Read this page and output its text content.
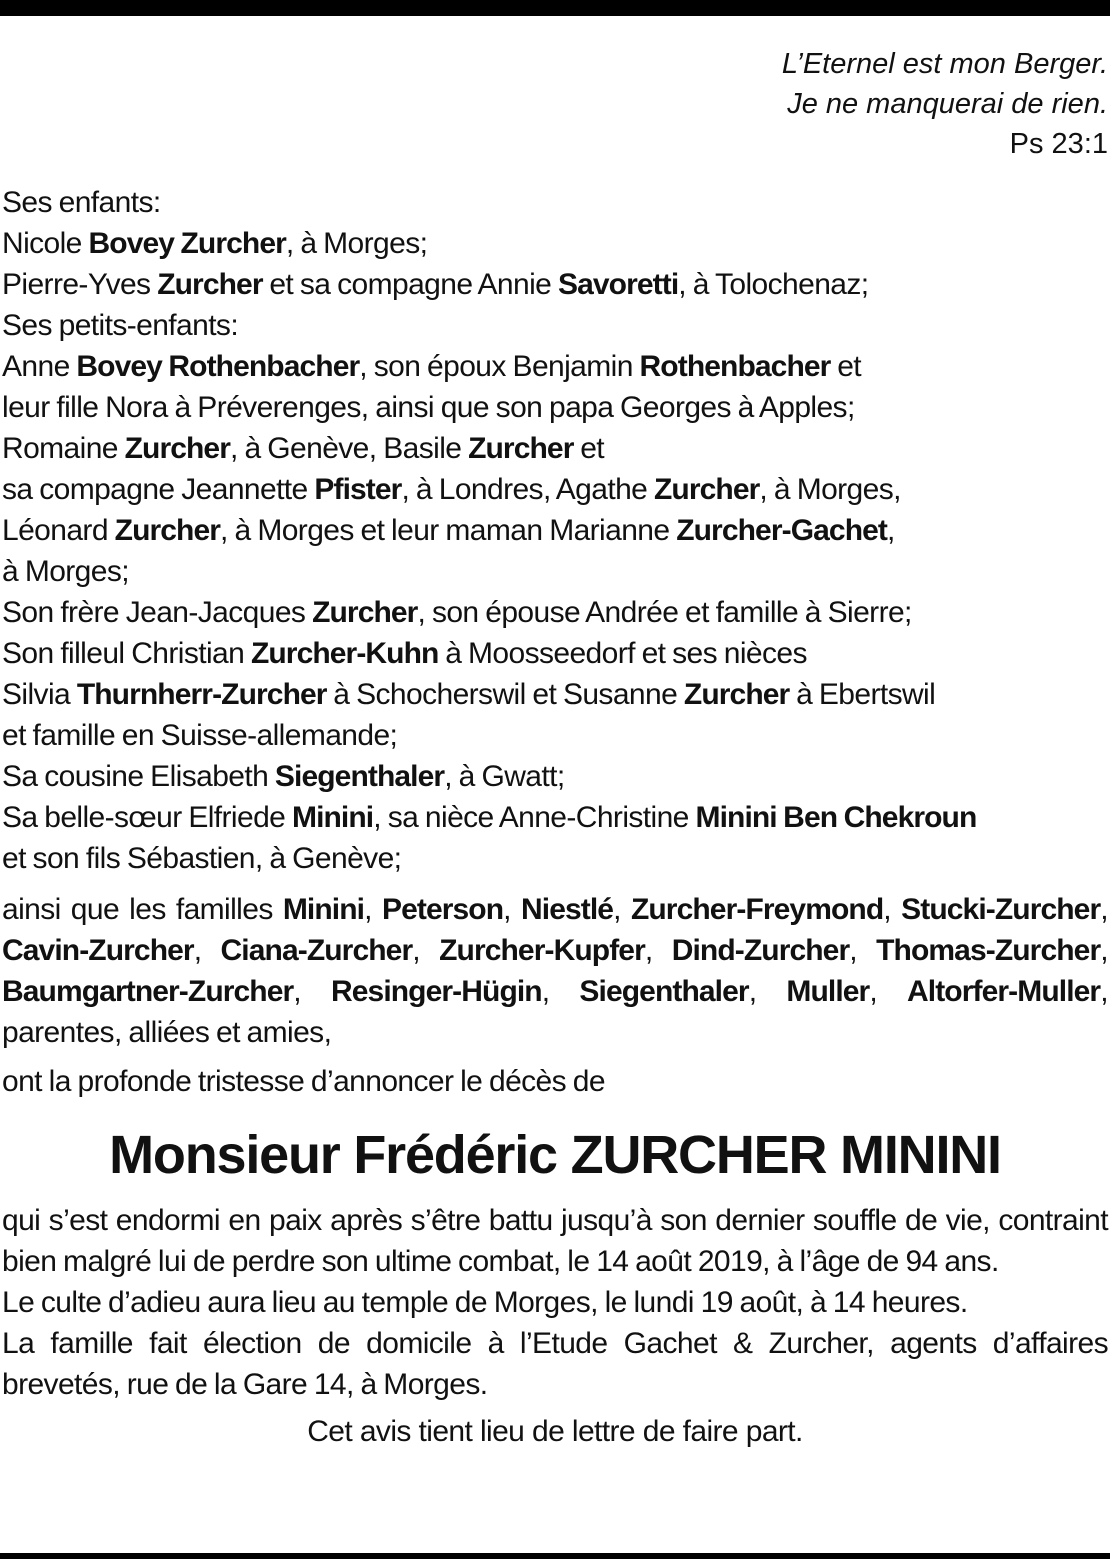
L’Eternel est mon Berger.
Je ne manquerai de rien.
Ps 23:1

Ses enfants:

Nicole Bovey Zurcher, à Morges;

Pierre-Yves Zurcher et sa compagne Annie Savoretti, à Tolochenaz;

Ses petits-enfants:

Anne Bovey Rothenbacher, son époux Benjamin Rothenbacher et

leur fille Nora à Préverenges, ainsi que son papa Georges à Apples;

Romaine Zurcher, à Genève, Basile Zurcher et

sa compagne Jeannette Pfister, à Londres, Agathe Zurcher, à Morges,

Léonard Zurcher, à Morges et leur maman Marianne Zurcher-Gachet,

à Morges;

Son frère Jean-Jacques Zurcher, son épouse Andrée et famille à Sierre;

Son filleul Christian Zurcher-Kuhn à Moosseedorf et ses nièces

Silvia Thurnherr-Zurcher à Schocherswil et Susanne Zurcher à Ebertswil

et famille en Suisse-allemande;

Sa cousine Elisabeth Siegenthaler, à Gwatt;

Sa belle-sœur Elfriede Minini, sa nièce Anne-Christine Minini Ben Chekroun

et son fils Sébastien, à Genève;

ainsi que les familles Minini, Peterson, Niestlé, Zurcher-Freymond, Stucki-Zurcher, Cavin-Zurcher, Ciana-Zurcher, Zurcher-Kupfer, Dind-Zurcher, Thomas-Zurcher, Baumgartner-Zurcher, Resinger-Hügin, Siegenthaler, Muller, Altorfer-Muller, parentes, alliées et amies,
ont la profonde tristesse d’annoncer le décès de
Monsieur Frédéric ZURCHER MININI

qui s’est endormi en paix après s’être battu jusqu’à son dernier souffle de vie, contraint bien malgré lui de perdre son ultime combat, le 14 août 2019, à l’âge de 94 ans.

Le culte d’adieu aura lieu au temple de Morges, le lundi 19 août, à 14 heures.

La famille fait élection de domicile à l’Etude Gachet & Zurcher, agents d’affaires brevetés, rue de la Gare 14, à Morges.

Cet avis tient lieu de lettre de faire part.
